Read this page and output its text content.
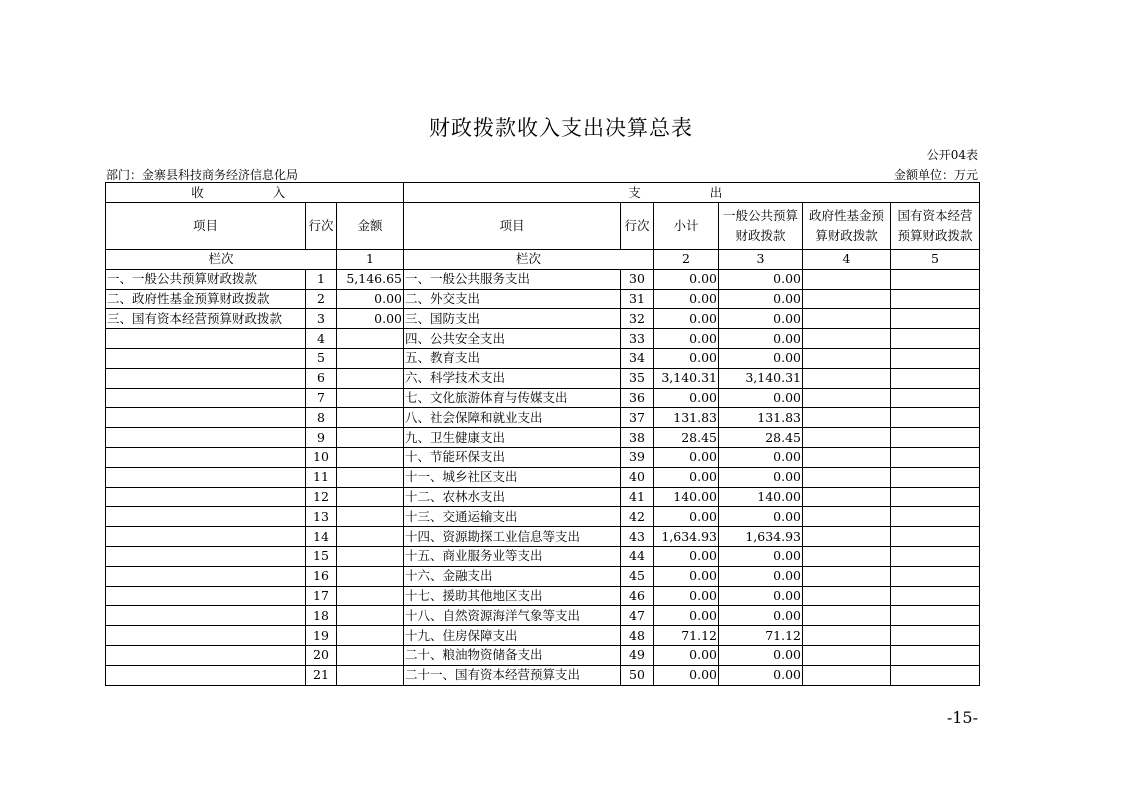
财政拨款收入支出决算总表
公开04表
部门：金寨县科技商务经济信息化局	金额单位：万元
收 入			支 出					
项目	行次	金额	项目	行次	小计	一般公共预算财政拨款	政府性基金预算财政拨款	国有资本经营预算财政拨款
栏次		1	栏次		2	3	4	5
一、一般公共预算财政拨款	1	5,146.65	一、一般公共服务支出	30	0.00	0.00		
二、政府性基金预算财政拨款	2	0.00	二、外交支出	31	0.00	0.00		
三、国有资本经营预算财政拨款	3	0.00	三、国防支出	32	0.00	0.00		
	4		四、公共安全支出	33	0.00	0.00		
	5		五、教育支出	34	0.00	0.00		
	6		六、科学技术支出	35	3,140.31	3,140.31		
	7		七、文化旅游体育与传媒支出	36	0.00	0.00		
	8		八、社会保障和就业支出	37	131.83	131.83		
	9		九、卫生健康支出	38	28.45	28.45		
	10		十、节能环保支出	39	0.00	0.00		
	11		十一、城乡社区支出	40	0.00	0.00		
	12		十二、农林水支出	41	140.00	140.00		
	13		十三、交通运输支出	42	0.00	0.00		
	14		十四、资源勘探工业信息等支出	43	1,634.93	1,634.93		
	15		十五、商业服务业等支出	44	0.00	0.00		
	16		十六、金融支出	45	0.00	0.00		
	17		十七、援助其他地区支出	46	0.00	0.00		
	18		十八、自然资源海洋气象等支出	47	0.00	0.00		
	19		十九、住房保障支出	48	71.12	71.12		
	20		二十、粮油物资储备支出	49	0.00	0.00		
	21		二十一、国有资本经营预算支出	50	0.00	0.00		
-15-
